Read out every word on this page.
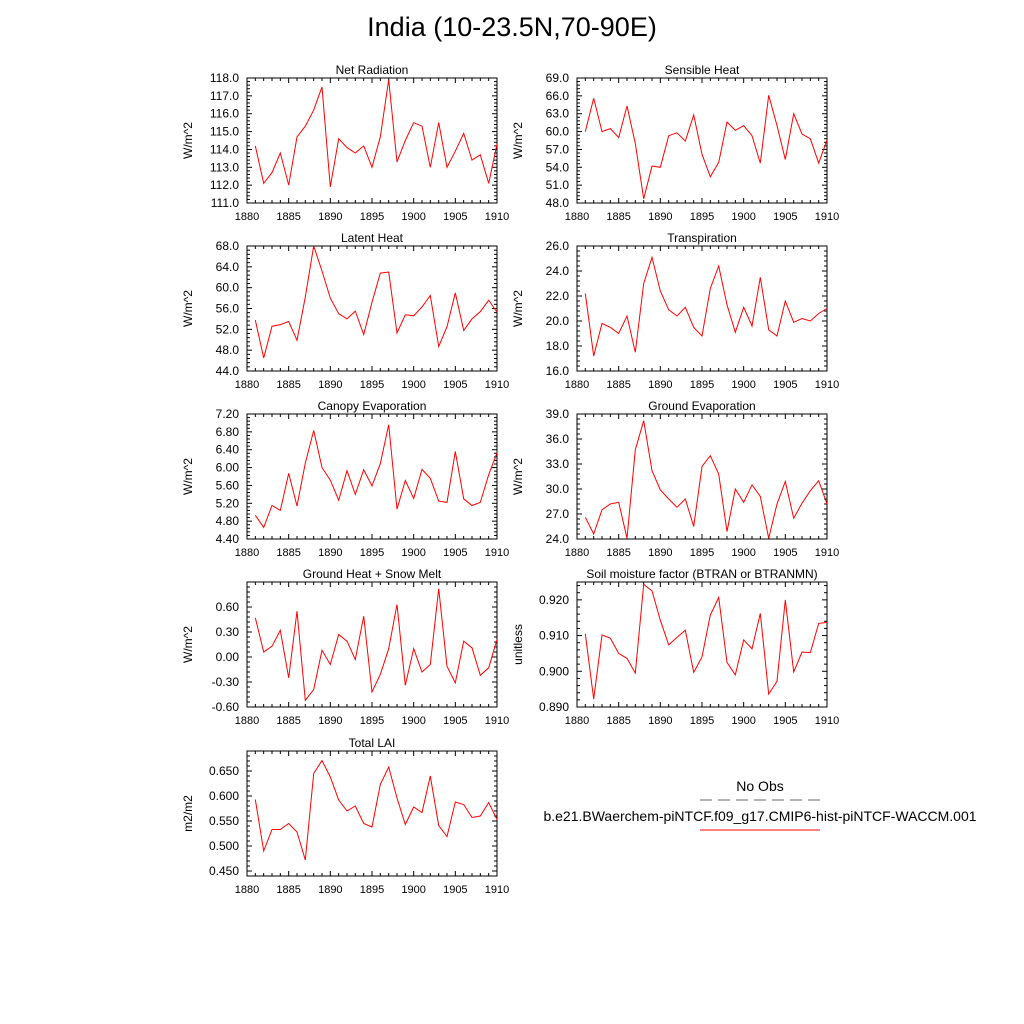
India (10-23.5N,70-90E)
Net Radiation
1880 1885 1890 1895 1900 1905 1910
111.0
112.0
113.0
114.0
115.0
116.0
117.0
118.0
W/m^2
Sensible Heat
1880 1885 1890 1895 1900 1905 1910
48.0
51.0
54.0
57.0
60.0
63.0
66.0
69.0
W/m^2
Latent Heat
1880 1885 1890 1895 1900 1905 1910
44.0
48.0
52.0
56.0
60.0
64.0
68.0
W/m^2
Transpiration
1880 1885 1890 1895 1900 1905 1910
16.0
18.0
20.0
22.0
24.0
26.0
W/m^2
Canopy Evaporation
1880 1885 1890 1895 1900 1905 1910
4.40
4.80
5.20
5.60
6.00
6.40
6.80
7.20
W/m^2
Ground Evaporation
1880 1885 1890 1895 1900 1905 1910
24.0
27.0
30.0
33.0
36.0
39.0
W/m^2
Ground Heat + Snow Melt
1880 1885 1890 1895 1900 1905 1910
-0.60
-0.30
0.00
0.30
0.60
W/m^2
Soil moisture factor (BTRAN or BTRANMN)
1880 1885 1890 1895 1900 1905 1910
0.890
0.900
0.910
0.920
unitless
Total LAI
1880 1885 1890 1895 1900 1905 1910
0.450
0.500
0.550
0.600
0.650
m2/m2
No Obs
b.e21.BWaerchem-piNTCF.f09_g17.CMIP6-hist-piNTCF-WACCM.001
